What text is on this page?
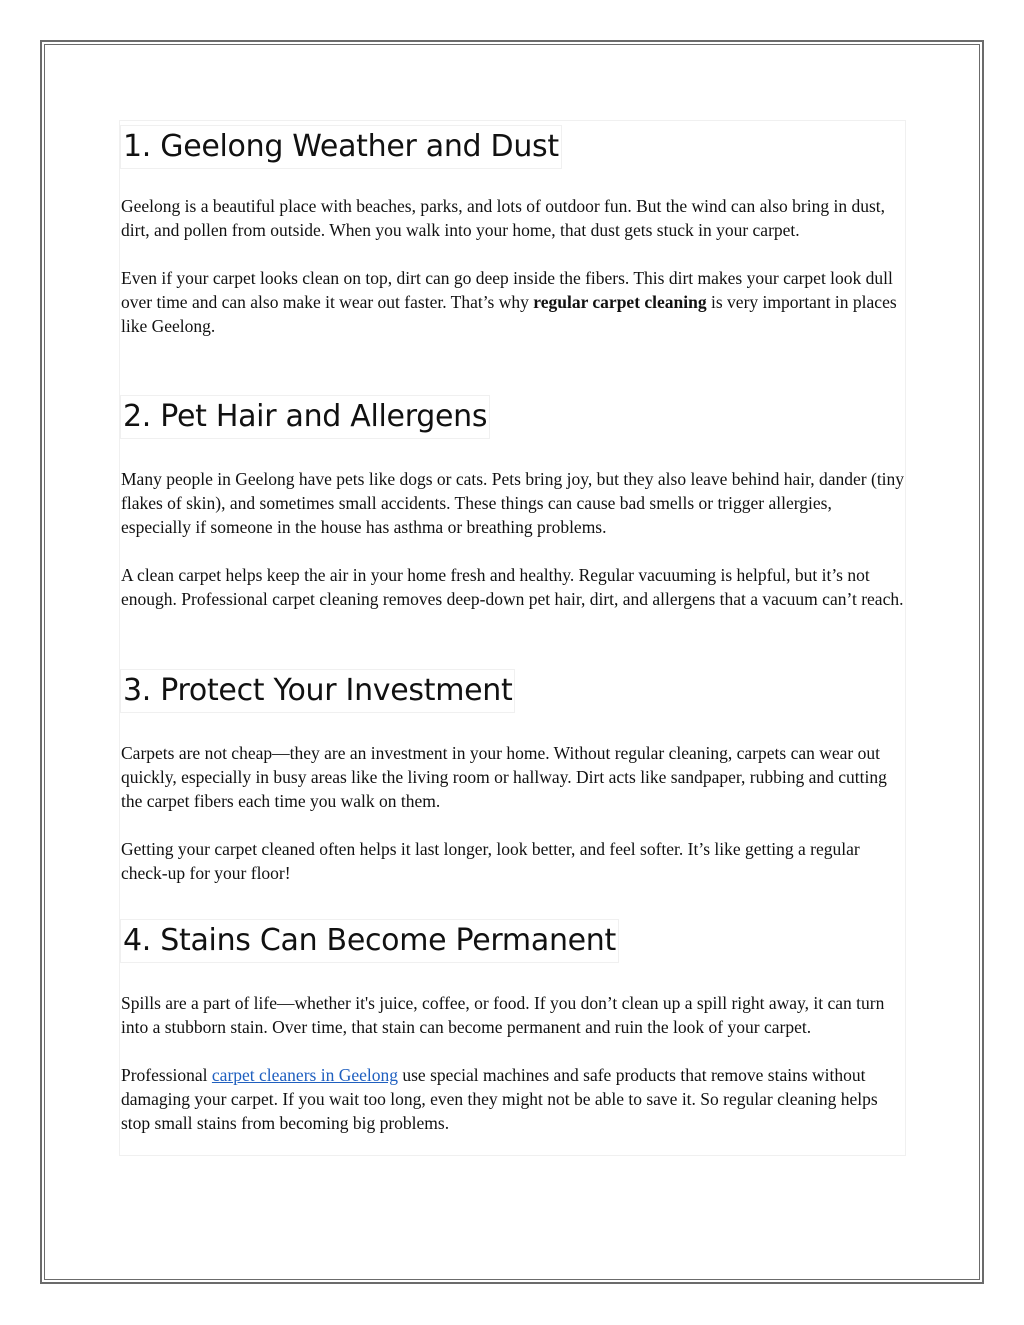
1. Geelong Weather and Dust

Geelong is a beautiful place with beaches, parks, and lots of outdoor fun. But the wind can also bring in dust, dirt, and pollen from outside. When you walk into your home, that dust gets stuck in your carpet.

Even if your carpet looks clean on top, dirt can go deep inside the fibers. This dirt makes your carpet look dull over time and can also make it wear out faster. That’s why regular carpet cleaning is very important in places like Geelong.

2. Pet Hair and Allergens

Many people in Geelong have pets like dogs or cats. Pets bring joy, but they also leave behind hair, dander (tiny flakes of skin), and sometimes small accidents. These things can cause bad smells or trigger allergies, especially if someone in the house has asthma or breathing problems.

A clean carpet helps keep the air in your home fresh and healthy. Regular vacuuming is helpful, but it’s not enough. Professional carpet cleaning removes deep-down pet hair, dirt, and allergens that a vacuum can’t reach.

3. Protect Your Investment

Carpets are not cheap—they are an investment in your home. Without regular cleaning, carpets can wear out quickly, especially in busy areas like the living room or hallway. Dirt acts like sandpaper, rubbing and cutting the carpet fibers each time you walk on them.

Getting your carpet cleaned often helps it last longer, look better, and feel softer. It’s like getting a regular check-up for your floor!

4. Stains Can Become Permanent

Spills are a part of life—whether it's juice, coffee, or food. If you don’t clean up a spill right away, it can turn into a stubborn stain. Over time, that stain can become permanent and ruin the look of your carpet.

Professional carpet cleaners in Geelong use special machines and safe products that remove stains without damaging your carpet. If you wait too long, even they might not be able to save it. So regular cleaning helps stop small stains from becoming big problems.
